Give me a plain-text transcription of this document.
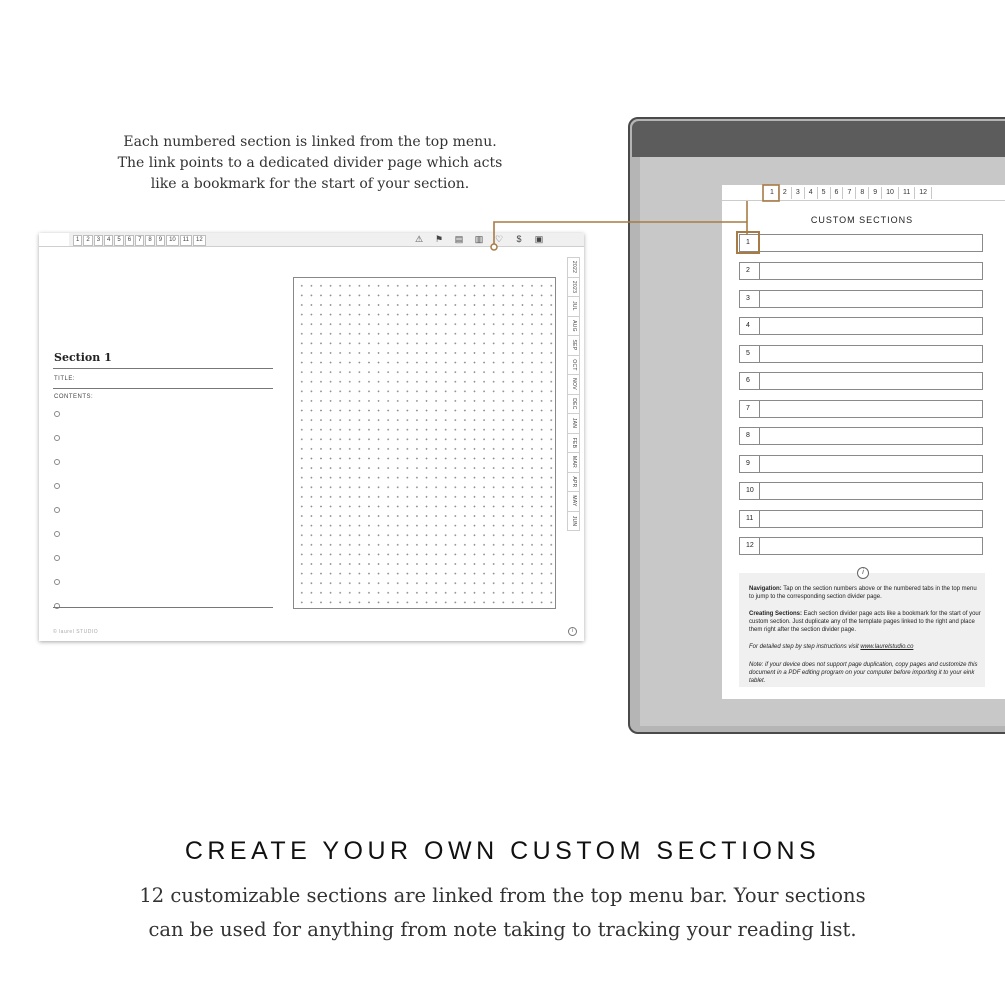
Each numbered section is linked from the top menu.
The link points to a dedicated divider page which acts
like a bookmark for the start of your section.
1	2	3	4	5	6	7	8	9	10	11	12	⚠ ⚑ ▤ ▥ ♡ $ ▣
Section 1
TITLE:
CONTENTS:
2022
2023
JUL
AUG
SEP
OCT
NOV
DEC
JAN
FEB
MAR
APR
MAY
JUN
© laurel STUDIO	i
1	2	3	4	5	6	7	8	9	10	11	12
CUSTOM SECTIONS
1
2
3
4
5
6
7
8
9
10
11
12
i
Navigation: Tap on the section numbers above or the numbered tabs in the top menu to jump to the corresponding section divider page.
Creating Sections: Each section divider page acts like a bookmark for the start of your custom section. Just duplicate any of the template pages linked to the right and place them right after the section divider page.
For detailed step by step instructions visit www.laurelstudio.co
Note: if your device does not support page duplication, copy pages and customize this document in a PDF editing program on your computer before importing it to your eink tablet.
CREATE YOUR OWN CUSTOM SECTIONS
12 customizable sections are linked from the top menu bar. Your sections
can be used for anything from note taking to tracking your reading list.
